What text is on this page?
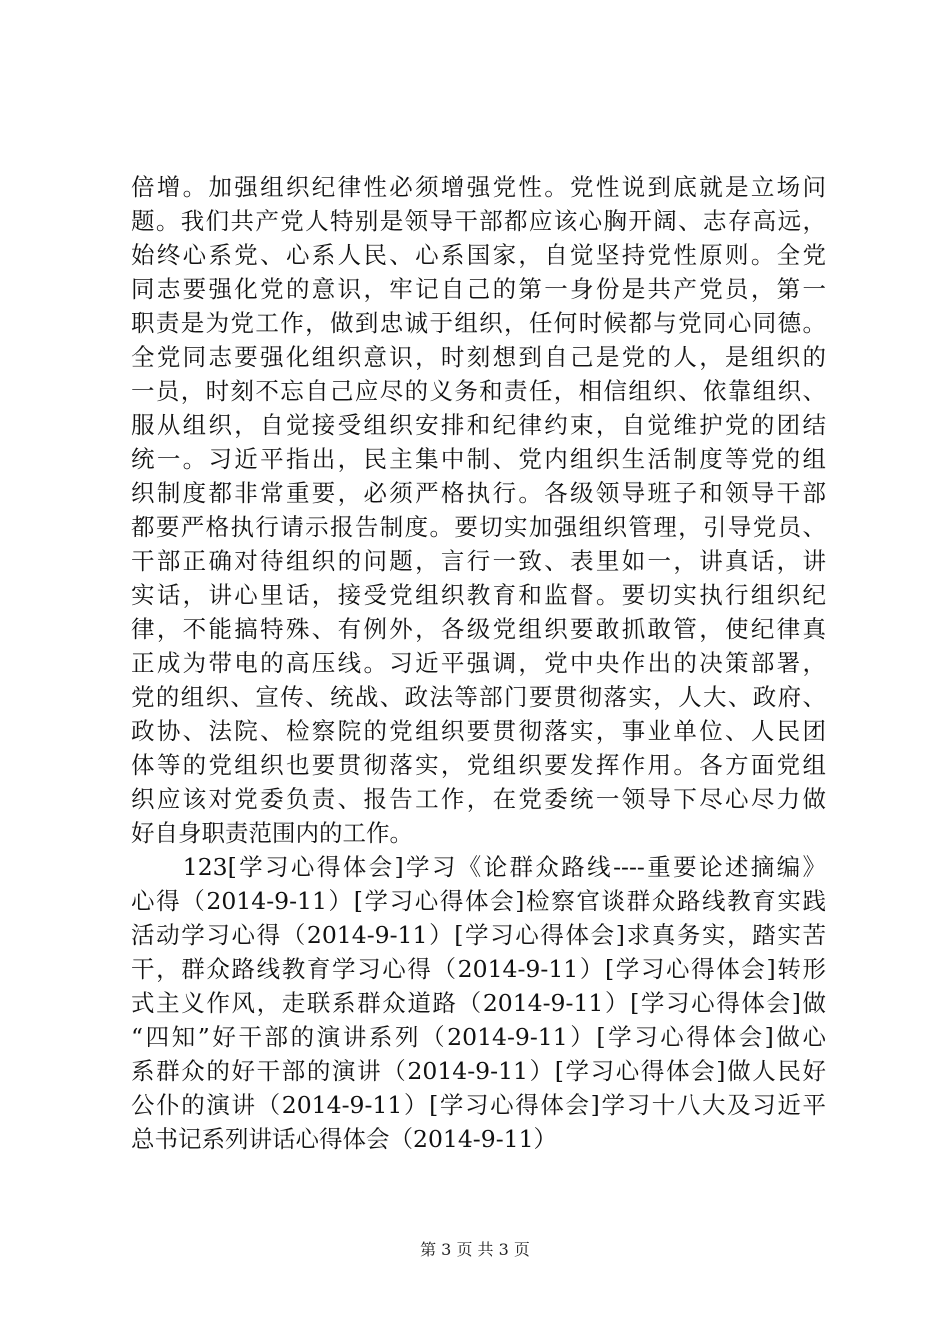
倍增。加强组织纪律性必须增强党性。党性说到底就是立场问
题。我们共产党人特别是领导干部都应该心胸开阔、志存高远，
始终心系党、心系人民、心系国家，自觉坚持党性原则。全党
同志要强化党的意识，牢记自己的第一身份是共产党员，第一
职责是为党工作，做到忠诚于组织，任何时候都与党同心同德。
全党同志要强化组织意识，时刻想到自己是党的人，是组织的
一员，时刻不忘自己应尽的义务和责任，相信组织、依靠组织、
服从组织，自觉接受组织安排和纪律约束，自觉维护党的团结
统一。习近平指出，民主集中制、党内组织生活制度等党的组
织制度都非常重要，必须严格执行。各级领导班子和领导干部
都要严格执行请示报告制度。要切实加强组织管理，引导党员、
干部正确对待组织的问题，言行一致、表里如一，讲真话，讲
实话，讲心里话，接受党组织教育和监督。要切实执行组织纪
律，不能搞特殊、有例外，各级党组织要敢抓敢管，使纪律真
正成为带电的高压线。习近平强调，党中央作出的决策部署，
党的组织、宣传、统战、政法等部门要贯彻落实，人大、政府、
政协、法院、检察院的党组织要贯彻落实，事业单位、人民团
体等的党组织也要贯彻落实，党组织要发挥作用。各方面党组
织应该对党委负责、报告工作，在党委统一领导下尽心尽力做
好自身职责范围内的工作。
　　123[学习心得体会]学习《论群众路线----重要论述摘编》
心得（2014-9-11）[学习心得体会]检察官谈群众路线教育实践
活动学习心得（2014-9-11）[学习心得体会]求真务实，踏实苦
干，群众路线教育学习心得（2014-9-11）[学习心得体会]转形
式主义作风，走联系群众道路（2014-9-11）[学习心得体会]做
“四知”好干部的演讲系列（2014-9-11）[学习心得体会]做心
系群众的好干部的演讲（2014-9-11）[学习心得体会]做人民好
公仆的演讲（2014-9-11）[学习心得体会]学习十八大及习近平
总书记系列讲话心得体会（2014-9-11）
第 3 页 共 3 页
